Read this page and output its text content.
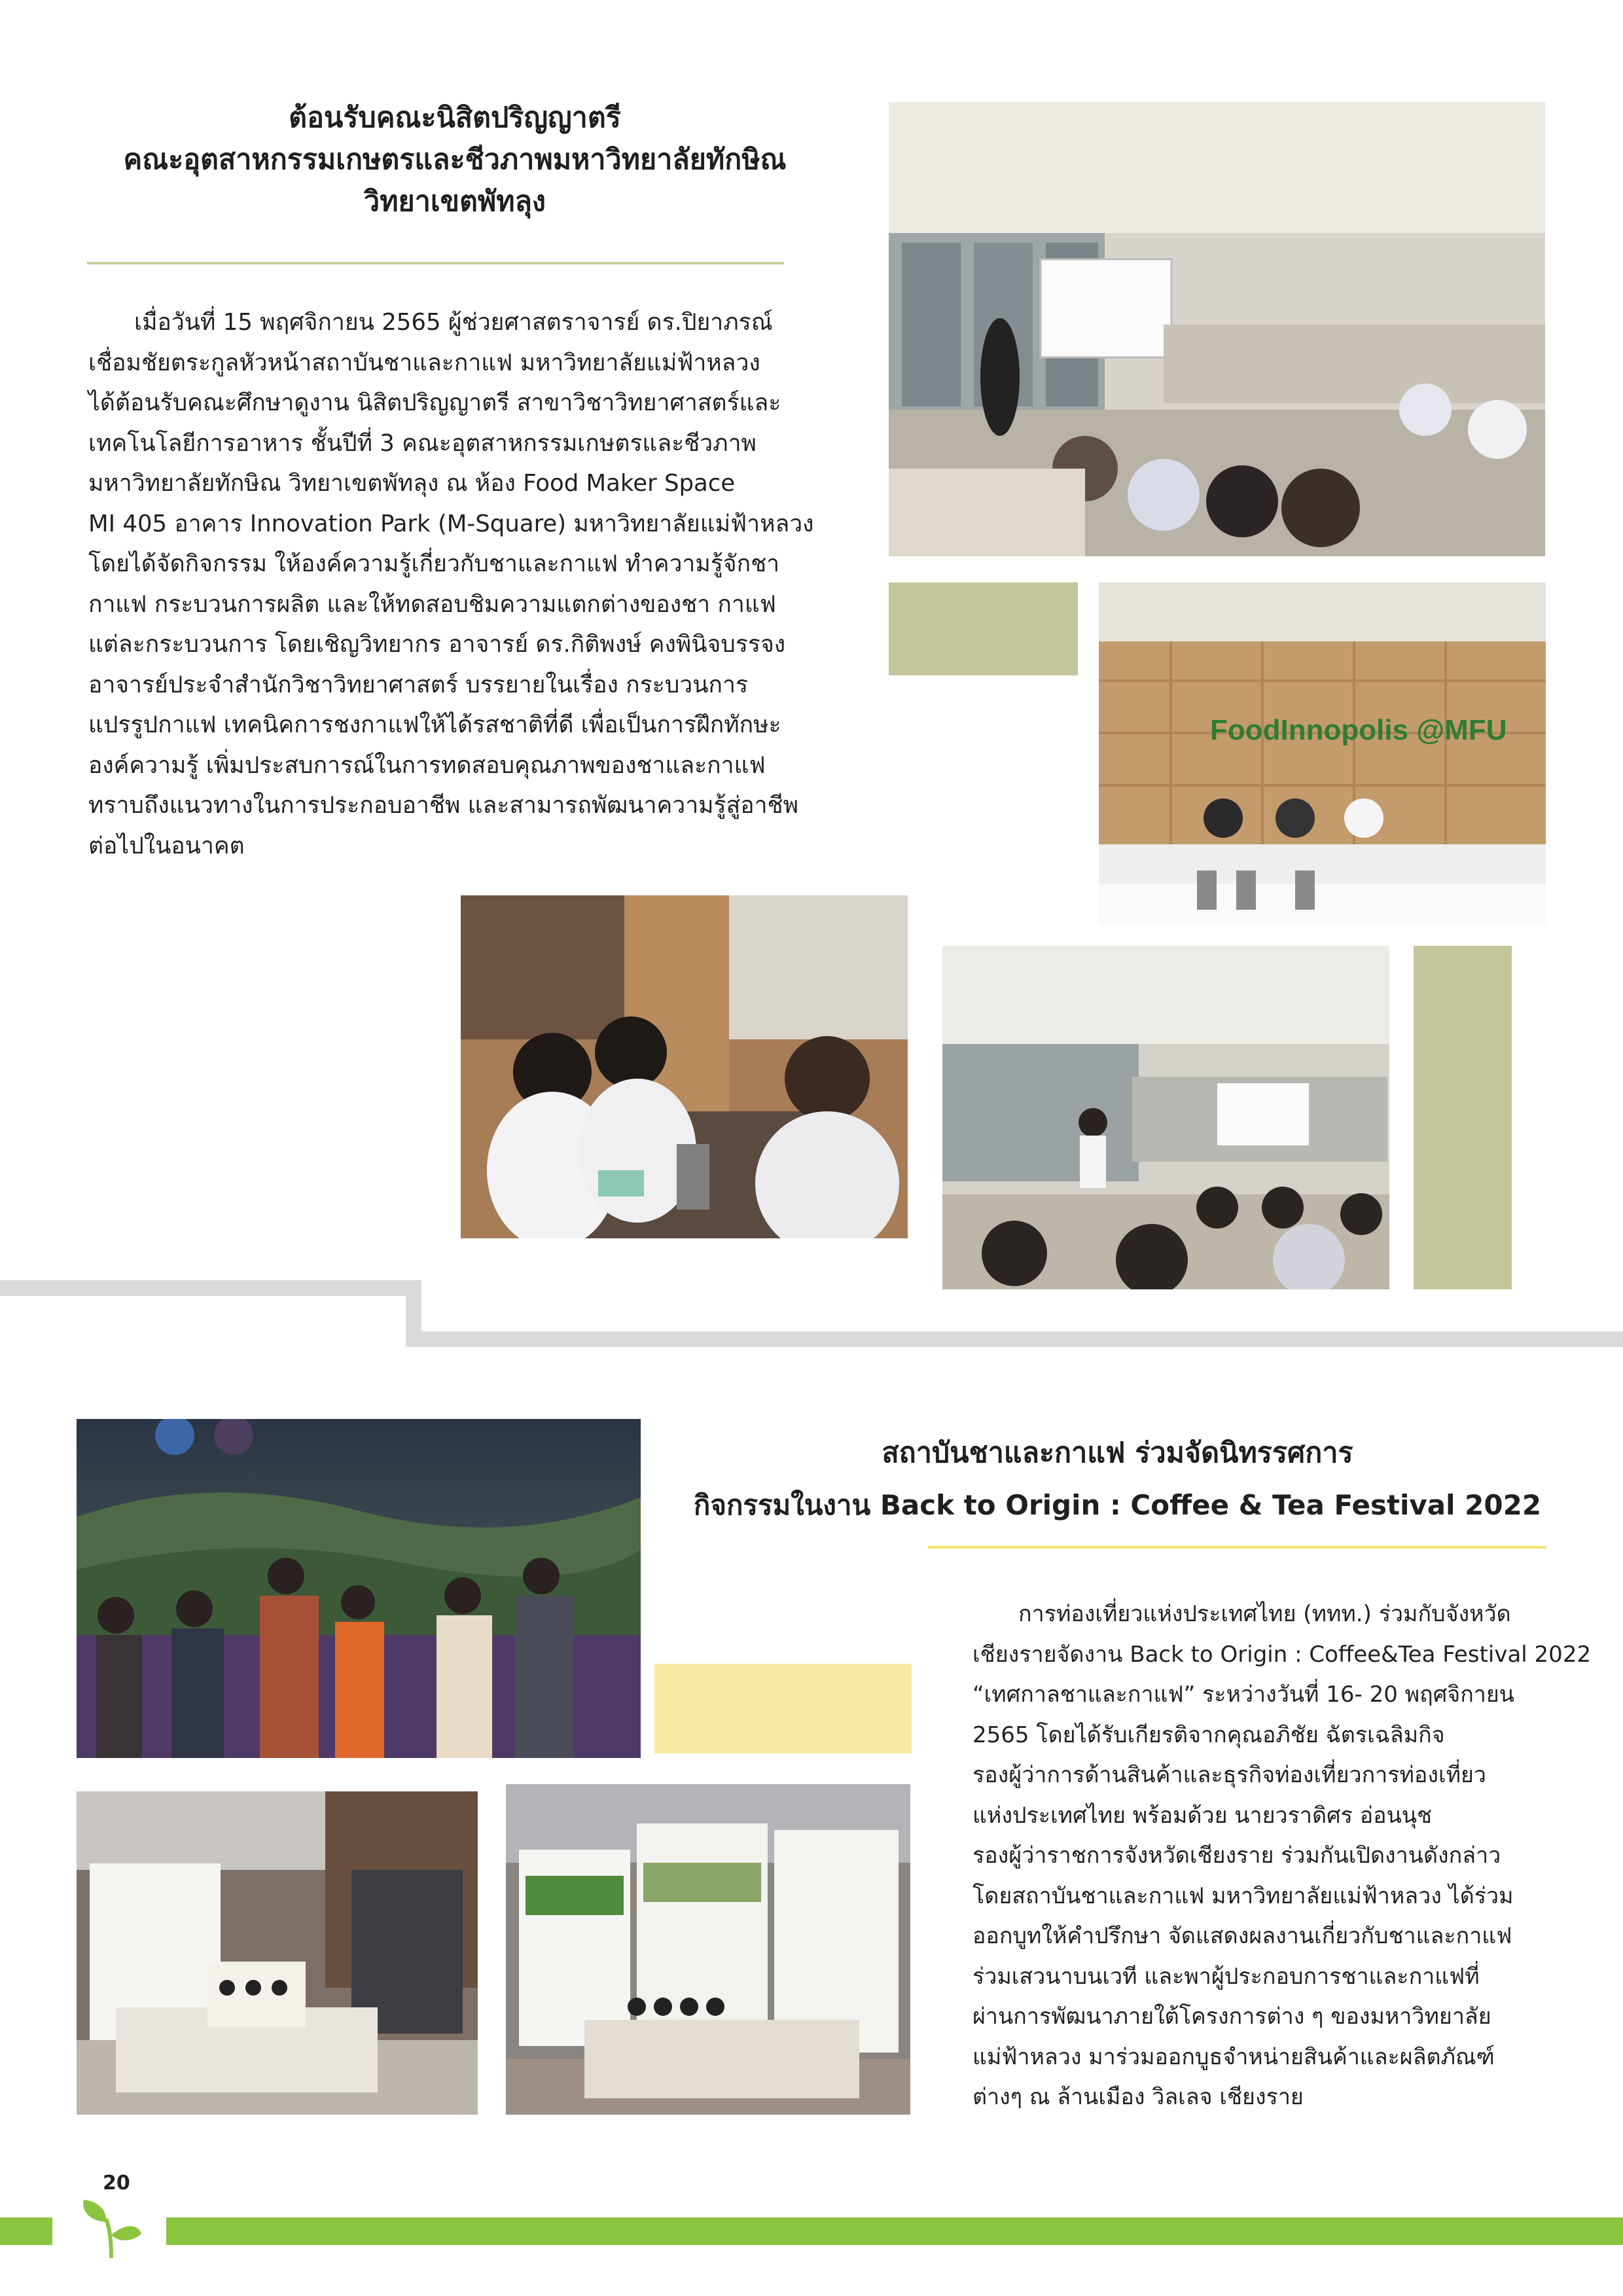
ต้อนรับคณะนิสิตปริญญาตรี

คณะอุตสาหกรรมเกษตรและชีวภาพมหาวิทยาลัยทักษิณ

วิทยาเขตพัทลุง

เมื่อวันที่ 15 พฤศจิกายน 2565 ผู้ช่วยศาสตราจารย์ ดร.ปิยาภรณ์
เชื่อมชัยตระกูลหัวหน้าสถาบันชาและกาแฟ มหาวิทยาลัยแม่ฟ้าหลวง
ได้ต้อนรับคณะศึกษาดูงาน นิสิตปริญญาตรี สาขาวิชาวิทยาศาสตร์และ
เทคโนโลยีการอาหาร ชั้นปีที่ 3 คณะอุตสาหกรรมเกษตรและชีวภาพ
มหาวิทยาลัยทักษิณ วิทยาเขตพัทลุง ณ ห้อง Food Maker Space
MI 405 อาคาร Innovation Park (M-Square) มหาวิทยาลัยแม่ฟ้าหลวง
โดยได้จัดกิจกรรม ให้องค์ความรู้เกี่ยวกับชาและกาแฟ ทำความรู้จักชา
กาแฟ กระบวนการผลิต และให้ทดสอบชิมความแตกต่างของชา กาแฟ
แต่ละกระบวนการ โดยเชิญวิทยากร อาจารย์ ดร.กิติพงษ์ คงพินิจบรรจง
อาจารย์ประจำสำนักวิชาวิทยาศาสตร์ บรรยายในเรื่อง กระบวนการ
แปรรูปกาแฟ เทคนิคการชงกาแฟให้ได้รสชาติที่ดี เพื่อเป็นการฝึกทักษะ
องค์ความรู้ เพิ่มประสบการณ์ในการทดสอบคุณภาพของชาและกาแฟ
ทราบถึงแนวทางในการประกอบอาชีพ และสามารถพัฒนาความรู้สู่อาชีพ
ต่อไปในอนาคต
FoodInnopolis @MFU

สถาบันชาและกาแฟ ร่วมจัดนิทรรศการ

กิจกรรมในงาน Back to Origin : Coffee & Tea Festival 2022

การท่องเที่ยวแห่งประเทศไทย (ททท.) ร่วมกับจังหวัด
เชียงรายจัดงาน Back to Origin : Coffee&Tea Festival 2022
“เทศกาลชาและกาแฟ” ระหว่างวันที่ 16- 20 พฤศจิกายน
2565 โดยได้รับเกียรติจากคุณอภิชัย ฉัตรเฉลิมกิจ
รองผู้ว่าการด้านสินค้าและธุรกิจท่องเที่ยวการท่องเที่ยว
แห่งประเทศไทย พร้อมด้วย นายวราดิศร อ่อนนุช
รองผู้ว่าราชการจังหวัดเชียงราย ร่วมกันเปิดงานดังกล่าว
โดยสถาบันชาและกาแฟ มหาวิทยาลัยแม่ฟ้าหลวง ได้ร่วม
ออกบูทให้คำปรึกษา จัดแสดงผลงานเกี่ยวกับชาและกาแฟ
ร่วมเสวนาบนเวที และพาผู้ประกอบการชาและกาแฟที่
ผ่านการพัฒนาภายใต้โครงการต่าง ๆ ของมหาวิทยาลัย
แม่ฟ้าหลวง มาร่วมออกบูธจำหน่ายสินค้าและผลิตภัณฑ์
ต่างๆ ณ ล้านเมือง วิลเลจ เชียงราย
20
